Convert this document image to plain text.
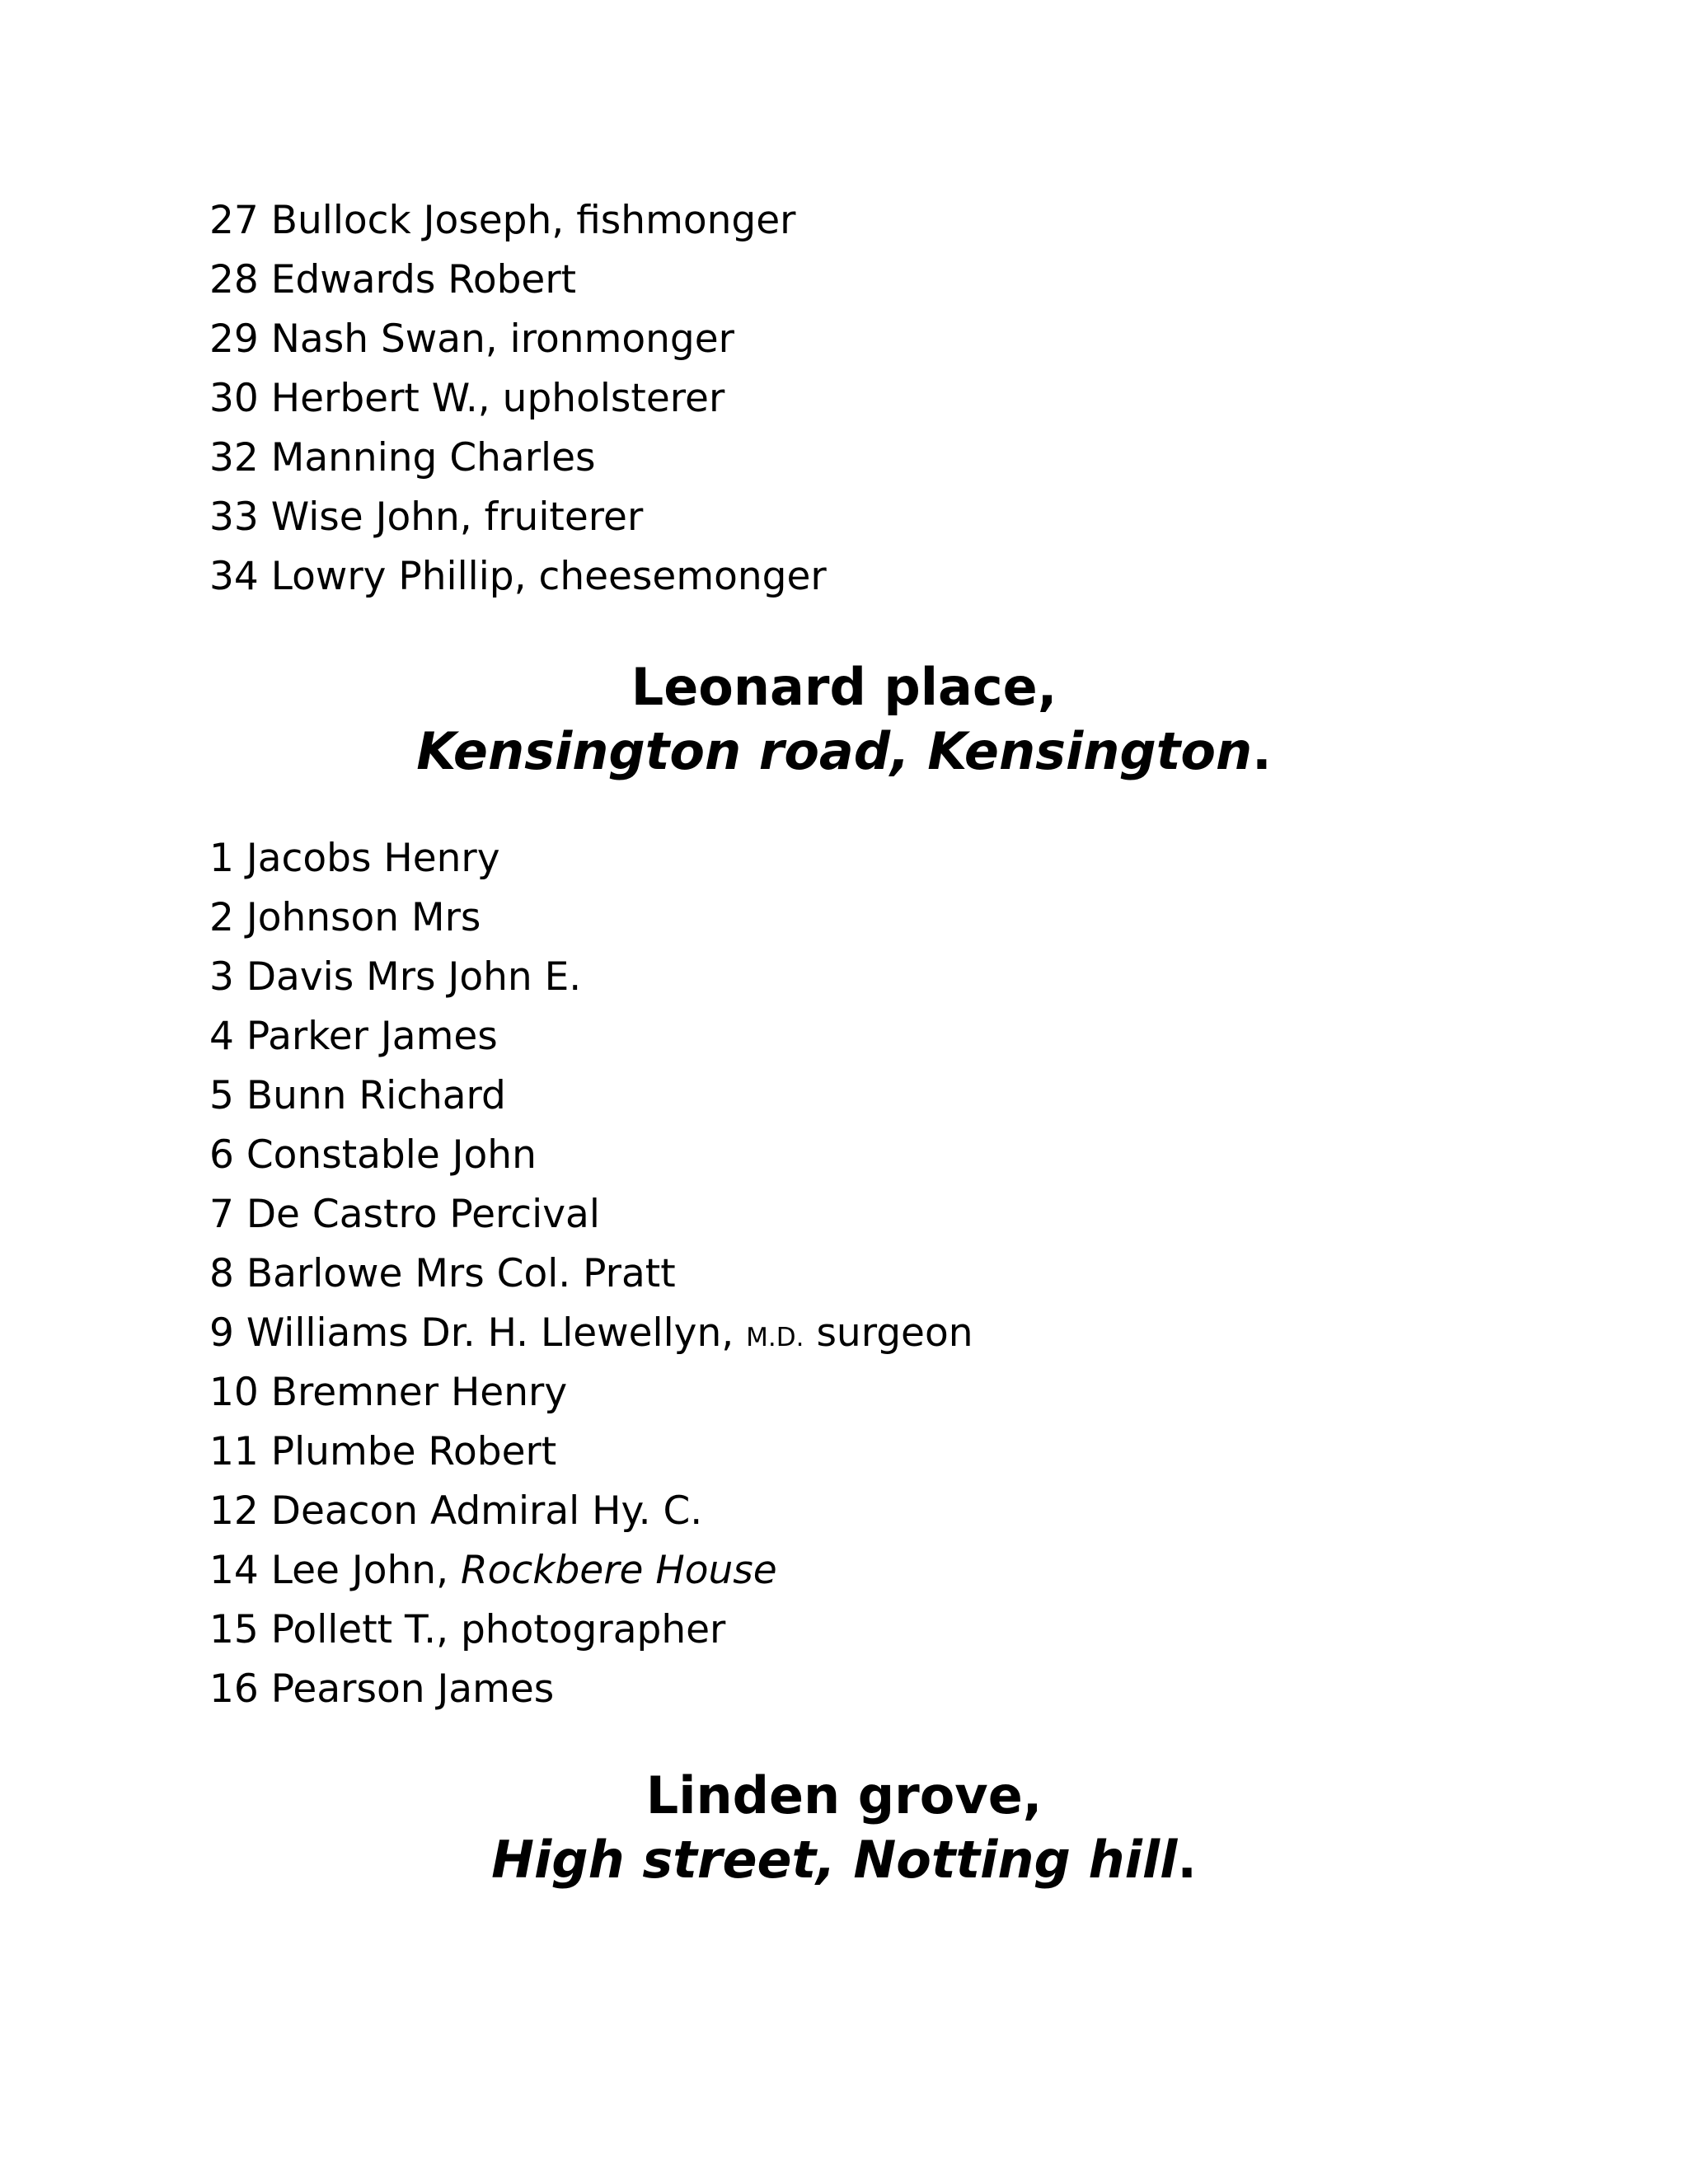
27 Bullock Joseph, fishmonger
28 Edwards Robert
29 Nash Swan, ironmonger
30 Herbert W., upholsterer
32 Manning Charles
33 Wise John, fruiterer
34 Lowry Phillip, cheesemonger
Leonard place,
Kensington road, Kensington.
1 Jacobs Henry
2 Johnson Mrs
3 Davis Mrs John E.
4 Parker James
5 Bunn Richard
6 Constable John
7 De Castro Percival
8 Barlowe Mrs Col. Pratt
9 Williams Dr. H. Llewellyn, M.D. surgeon
10 Bremner Henry
11 Plumbe Robert
12 Deacon Admiral Hy. C.
14 Lee John, Rockbere House
15 Pollett T., photographer
16 Pearson James
Linden grove,
High street, Notting hill.
